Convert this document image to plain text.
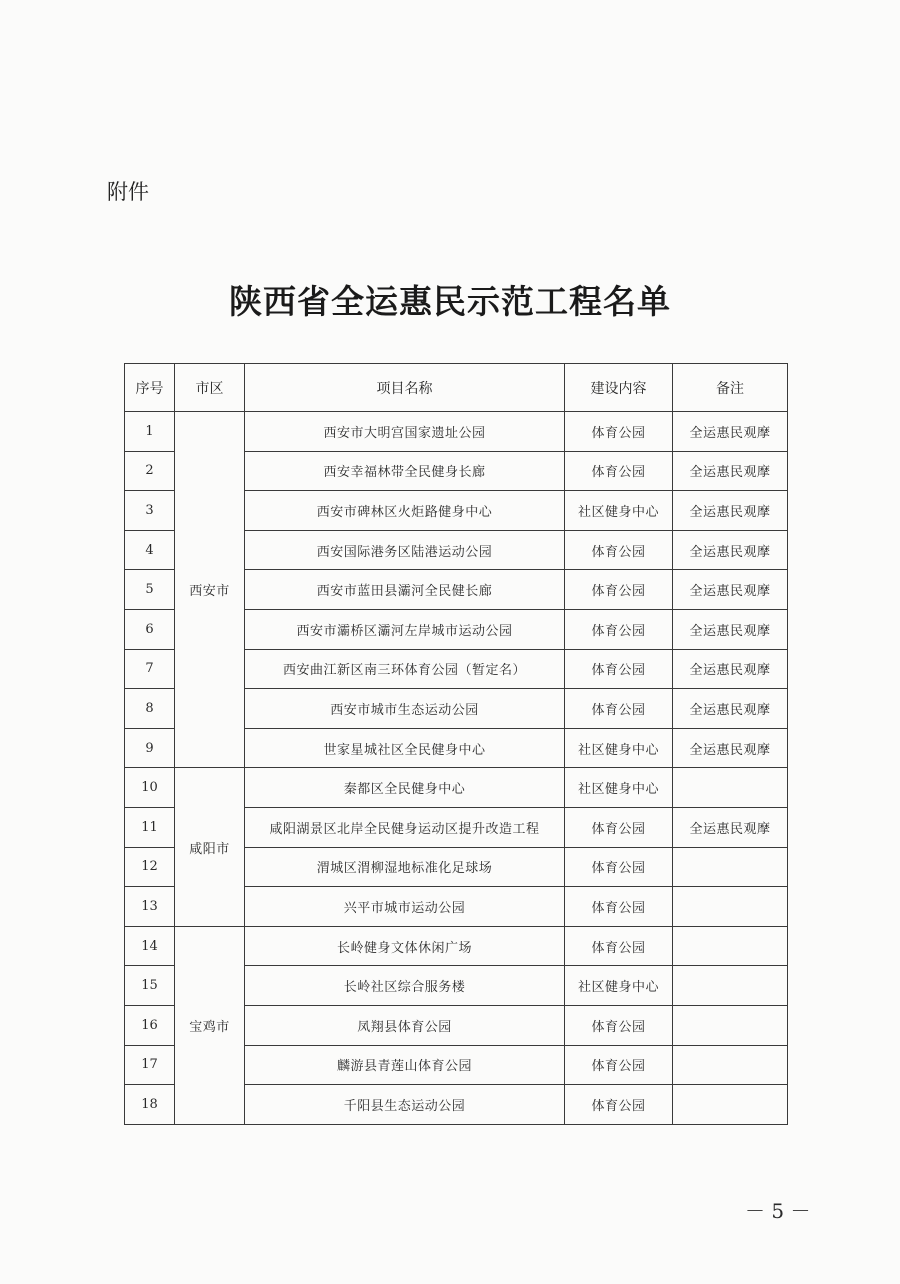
附件
陕西省全运惠民示范工程名单
序号	市区	项目名称	建设内容	备注
1	西安市	西安市大明宫国家遗址公园	体育公园	全运惠民观摩
2		西安幸福林带全民健身长廊	体育公园	全运惠民观摩
3		西安市碑林区火炬路健身中心	社区健身中心	全运惠民观摩
4		西安国际港务区陆港运动公园	体育公园	全运惠民观摩
5		西安市蓝田县灞河全民健长廊	体育公园	全运惠民观摩
6		西安市灞桥区灞河左岸城市运动公园	体育公园	全运惠民观摩
7		西安曲江新区南三环体育公园（暂定名）	体育公园	全运惠民观摩
8		西安市城市生态运动公园	体育公园	全运惠民观摩
9		世家星城社区全民健身中心	社区健身中心	全运惠民观摩
10	咸阳市	秦都区全民健身中心	社区健身中心	
11		咸阳湖景区北岸全民健身运动区提升改造工程	体育公园	全运惠民观摩
12		渭城区渭柳湿地标准化足球场	体育公园	
13		兴平市城市运动公园	体育公园	
14	宝鸡市	长岭健身文体休闲广场	体育公园	
15		长岭社区综合服务楼	社区健身中心	
16		凤翔县体育公园	体育公园	
17		麟游县青莲山体育公园	体育公园	
18		千阳县生态运动公园	体育公园	
－ 5 －
